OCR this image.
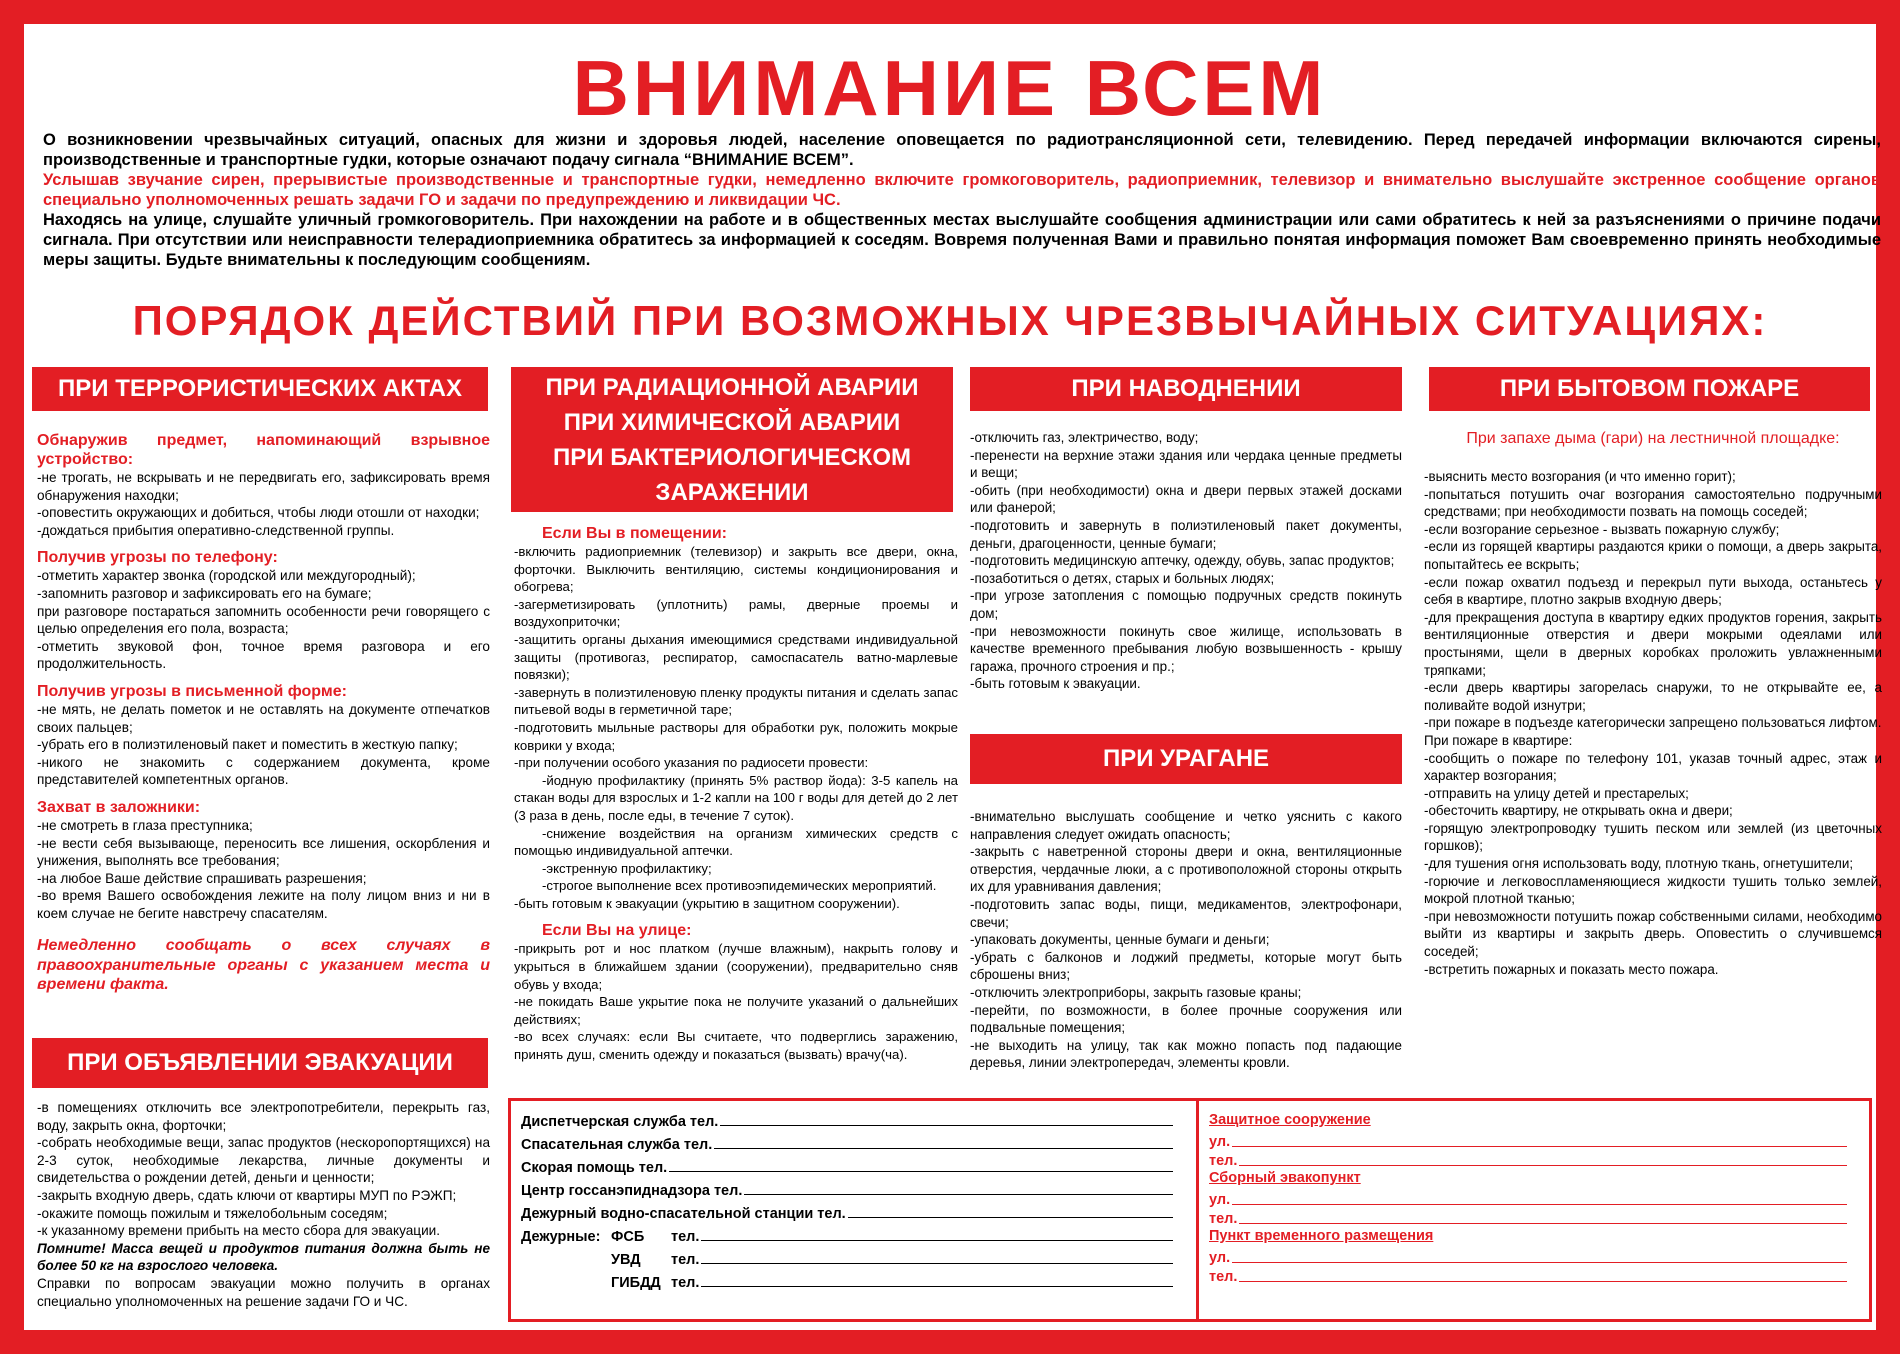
ВНИМАНИЕ ВСЕМ

О возникновении чрезвычайных ситуаций, опасных для жизни и здоровья людей, население оповещается по радиотрансляционной сети, телевидению. Перед передачей информации включаются сирены, производственные и транспортные гудки, которые означают подачу сигнала “ВНИМАНИЕ ВСЕМ”.

Услышав звучание сирен, прерывистые производственные и транспортные гудки, немедленно включите громкоговоритель, радиоприемник, телевизор и внимательно выслушайте экстренное сообщение органов специально уполномоченных решать задачи ГО и задачи по предупреждению и ликвидации ЧС.

Находясь на улице, слушайте уличный громкоговоритель. При нахождении на работе и в общественных местах выслушайте сообщения администрации или сами обратитесь к ней за разъяснениями о причине подачи сигнала. При отсутствии или неисправности телерадиоприемника обратитесь за информацией к соседям. Вовремя полученная Вами и правильно понятая информация поможет Вам своевременно принять необходимые меры защиты. Будьте внимательны к последующим сообщениям.

ПОРЯДОК ДЕЙСТВИЙ ПРИ ВОЗМОЖНЫХ ЧРЕЗВЫЧАЙНЫХ СИТУАЦИЯХ:
ПРИ ТЕРРОРИСТИЧЕСКИХ АКТАХ

Обнаружив предмет, напоминающий взрывное устройство:

-не трогать, не вскрывать и не передвигать его, зафиксировать время обнаружения находки;

-оповестить окружающих и добиться, чтобы люди отошли от находки;

-дождаться прибытия оперативно-следственной группы.

Получив угрозы по телефону:

-отметить характер звонка (городской или междугородный);

-запомнить разговор и зафиксировать его на бумаге;

при разговоре постараться запомнить особенности речи говорящего с целью определения его пола, возраста;

-отметить звуковой фон, точное время разговора и его продолжительность.

Получив угрозы в письменной форме:

-не мять, не делать пометок и не оставлять на документе отпечатков своих пальцев;

-убрать его в полиэтиленовый пакет и поместить в жесткую папку;

-никого не знакомить с содержанием документа, кроме представителей компетентных органов.

Захват в заложники:

-не смотреть в глаза преступника;

-не вести себя вызывающе, переносить все лишения, оскорбления и унижения, выполнять все требования;

-на любое Ваше действие спрашивать разрешения;

-во время Вашего освобождения лежите на полу лицом вниз и ни в коем случае не бегите навстречу спасателям.

Немедленно сообщать о всех случаях в правоохранительные органы с указанием места и времени факта.

ПРИ ОБЪЯВЛЕНИИ ЭВАКУАЦИИ

-в помещениях отключить все электропотребители, перекрыть газ, воду, закрыть окна, форточки;

-собрать необходимые вещи, запас продуктов (нескоропортящихся) на 2-3 суток, необходимые лекарства, личные документы и свидетельства о рождении детей, деньги и ценности;

-закрыть входную дверь, сдать ключи от квартиры МУП по РЭЖП;

-окажите помощь пожилым и тяжелобольным соседям;

-к указанному времени прибыть на место сбора для эвакуации.

Помните! Масса вещей и продуктов питания должна быть не более 50 кг на взрослого человека.

Справки по вопросам эвакуации можно получить в органах специально уполномоченных на решение задачи ГО и ЧС.

ПРИ РАДИАЦИОННОЙ АВАРИИ
ПРИ ХИМИЧЕСКОЙ АВАРИИ
ПРИ БАКТЕРИОЛОГИЧЕСКОМ
ЗАРАЖЕНИИ

Если Вы в помещении:

-включить радиоприемник (телевизор) и закрыть все двери, окна, форточки. Выключить вентиляцию, системы кондиционирования и обогрева;

-загерметизировать (уплотнить) рамы, дверные проемы и воздухоприточки;

-защитить органы дыхания имеющимися средствами индивидуальной защиты (противогаз, респиратор, самоспасатель ватно-марлевые повязки);

-завернуть в полиэтиленовую пленку продукты питания и сделать запас питьевой воды в герметичной таре;

-подготовить мыльные растворы для обработки рук, положить мокрые коврики у входа;

-при получении особого указания по радиосети провести:

-йодную профилактику (принять 5% раствор йода): 3-5 капель на стакан воды для взрослых и 1-2 капли на 100 г воды для детей до 2 лет (3 раза в день, после еды, в течение 7 суток).

-снижение воздействия на организм химических средств с помощью индивидуальной аптечки.

-экстренную профилактику;

-строгое выполнение всех противоэпидемических мероприятий.

-быть готовым к эвакуации (укрытию в защитном сооружении).

Если Вы на улице:

-прикрыть рот и нос платком (лучше влажным), накрыть голову и укрыться в ближайшем здании (сооружении), предварительно сняв обувь у входа;

-не покидать Ваше укрытие пока не получите указаний о дальнейших действиях;

-во всех случаях: если Вы считаете, что подверглись заражению, принять душ, сменить одежду и показаться (вызвать) врачу(ча).

ПРИ НАВОДНЕНИИ

-отключить газ, электричество, воду;

-перенести на верхние этажи здания или чердака ценные предметы и вещи;

-обить (при необходимости) окна и двери первых этажей досками или фанерой;

-подготовить и завернуть в полиэтиленовый пакет документы, деньги, драгоценности, ценные бумаги;

-подготовить медицинскую аптечку, одежду, обувь, запас продуктов;

-позаботиться о детях, старых и больных людях;

-при угрозе затопления с помощью подручных средств покинуть дом;

-при невозможности покинуть свое жилище, использовать в качестве временного пребывания любую возвышенность - крышу гаража, прочного строения и пр.;

-быть готовым к эвакуации.

ПРИ УРАГАНЕ

-внимательно выслушать сообщение и четко уяснить с какого направления следует ожидать опасность;

-закрыть с наветренной стороны двери и окна, вентиляционные отверстия, чердачные люки, а с противоположной стороны открыть их для уравнивания давления;

-подготовить запас воды, пищи, медикаментов, электрофонари, свечи;

-упаковать документы, ценные бумаги и деньги;

-убрать с балконов и лоджий предметы, которые могут быть сброшены вниз;

-отключить электроприборы, закрыть газовые краны;

-перейти, по возможности, в более прочные сооружения или подвальные помещения;

-не выходить на улицу, так как можно попасть под падающие деревья, линии электропередач, элементы кровли.

ПРИ БЫТОВОМ ПОЖАРЕ

При запахе дыма (гари) на лестничной площадке:

-выяснить место возгорания (и что именно горит);

-попытаться потушить очаг возгорания самостоятельно подручными средствами; при необходимости позвать на помощь соседей;

-если возгорание серьезное - вызвать пожарную службу;

-если из горящей квартиры раздаются крики о помощи, а дверь закрыта, попытайтесь ее вскрыть;

-если пожар охватил подъезд и перекрыл пути выхода, останьтесь у себя в квартире, плотно закрыв входную дверь;

-для прекращения доступа в квартиру едких продуктов горения, закрыть вентиляционные отверстия и двери мокрыми одеялами или простынями, щели в дверных коробках проложить увлажненными тряпками;

-если дверь квартиры загорелась снаружи, то не открывайте ее, а поливайте водой изнутри;

-при пожаре в подъезде категорически запрещено пользоваться лифтом.

При пожаре в квартире:

-сообщить о пожаре по телефону 101, указав точный адрес, этаж и характер возгорания;

-отправить на улицу детей и престарелых;

-обесточить квартиру, не открывать окна и двери;

-горящую электропроводку тушить песком или землей (из цветочных горшков);

-для тушения огня использовать воду, плотную ткань, огнетушители;

-горючие и легковоспламеняющиеся жидкости тушить только землей, мокрой плотной тканью;

-при невозможности потушить пожар собственными силами, необходимо выйти из квартиры и закрыть дверь. Оповестить о случившемся соседей;

-встретить пожарных и показать место пожара.

Диспетчерская служба тел.
Спасательная служба тел.
Скорая помощь тел.
Центр госсанэпиднадзора тел.
Дежурный водно-спасательной станции тел.
Дежурные: ФСБ	тел.
УВД	тел.
ГИБДД тел.
Защитное сооружение
ул.
тел.
Сборный эвакопункт
ул.
тел.
Пункт временного размещения
ул.
тел.
